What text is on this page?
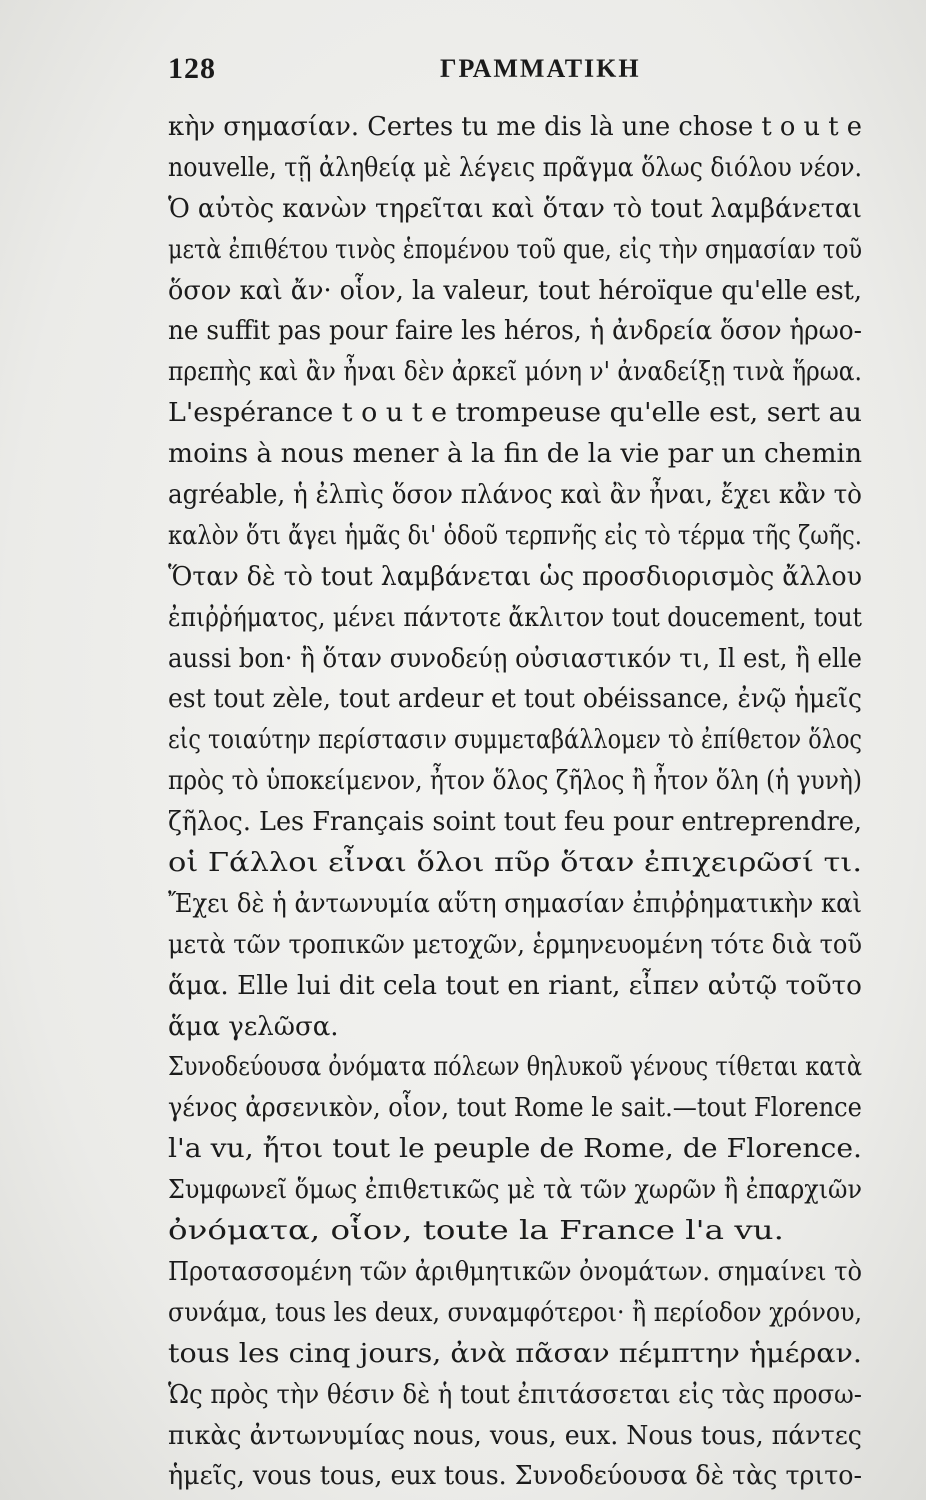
128	ΓΡΑΜΜΑΤΙΚΗ
κὴν σημασίαν. Certes tu me dis là une chose t o u t e
nouvelle, τῇ ἀληθείᾳ μὲ λέγεις πρᾶγμα ὅλως διόλου νέον.
Ὁ αὐτὸς κανὼν τηρεῖται καὶ ὅταν τὸ tout λαμβάνεται
μετὰ ἐπιθέτου τινὸς ἑπομένου τοῦ que, εἰς τὴν σημασίαν τοῦ
ὅσον καὶ ἄν· οἷον, la valeur, tout héroïque qu'elle est,
ne suffit pas pour faire les héros, ἡ ἀνδρεία ὅσον ἡρωο-
πρεπὴς καὶ ἂν ἦναι δὲν ἀρκεῖ μόνη ν' ἀναδείξῃ τινὰ ἥρωα.
L'espérance t o u t e trompeuse qu'elle est, sert au
moins à nous mener à la fin de la vie par un chemin
agréable, ἡ ἐλπὶς ὅσον πλάνος καὶ ἂν ἦναι, ἔχει κἂν τὸ
καλὸν ὅτι ἄγει ἡμᾶς δι' ὁδοῦ τερπνῆς εἰς τὸ τέρμα τῆς ζωῆς.
Ὅταν δὲ τὸ tout λαμβάνεται ὡς προσδιορισμὸς ἄλλου
ἐπιῤῥήματος, μένει πάντοτε ἄκλιτον tout doucement, tout
aussi bon· ἢ ὅταν συνοδεύῃ οὐσιαστικόν τι, Il est, ἢ elle
est tout zèle, tout ardeur et tout obéissance, ἐνῷ ἡμεῖς
εἰς τοιαύτην περίστασιν συμμεταβάλλομεν τὸ ἐπίθετον ὅλος
πρὸς τὸ ὑποκείμενον, ἦτον ὅλος ζῆλος ἢ ἦτον ὅλη (ἡ γυνὴ)
ζῆλος. Les Français soint tout feu pour entreprendre,
οἱ Γάλλοι εἶναι ὅλοι πῦρ ὅταν ἐπιχειρῶσί τι.
Ἔχει δὲ ἡ ἀντωνυμία αὕτη σημασίαν ἐπιῤῥηματικὴν καὶ
μετὰ τῶν τροπικῶν μετοχῶν, ἑρμηνευομένη τότε διὰ τοῦ
ἅμα. Elle lui dit cela tout en riant, εἶπεν αὐτῷ τοῦτο
ἅμα γελῶσα.
Συνοδεύουσα ὀνόματα πόλεων θηλυκοῦ γένους τίθεται κατὰ
γένος ἀρσενικὸν, οἷον, tout Rome le sait.—tout Florence
l'a vu, ἤτοι tout le peuple de Rome, de Florence.
Συμφωνεῖ ὅμως ἐπιθετικῶς μὲ τὰ τῶν χωρῶν ἢ ἐπαρχιῶν
ὀνόματα, οἷον, toute la France l'a vu.
Προτασσομένη τῶν ἀριθμητικῶν ὀνομάτων. σημαίνει τὸ
συνάμα, tous les deux, συναμφότεροι· ἢ περίοδον χρόνου,
tous les cinq jours, ἀνὰ πᾶσαν πέμπτην ἡμέραν.
Ὡς πρὸς τὴν θέσιν δὲ ἡ tout ἐπιτάσσεται εἰς τὰς προσω-
πικὰς ἀντωνυμίας nous, vous, eux. Nous tous, πάντες
ἡμεῖς, vous tous, eux tous. Συνοδεύουσα δὲ τὰς τριτο-
